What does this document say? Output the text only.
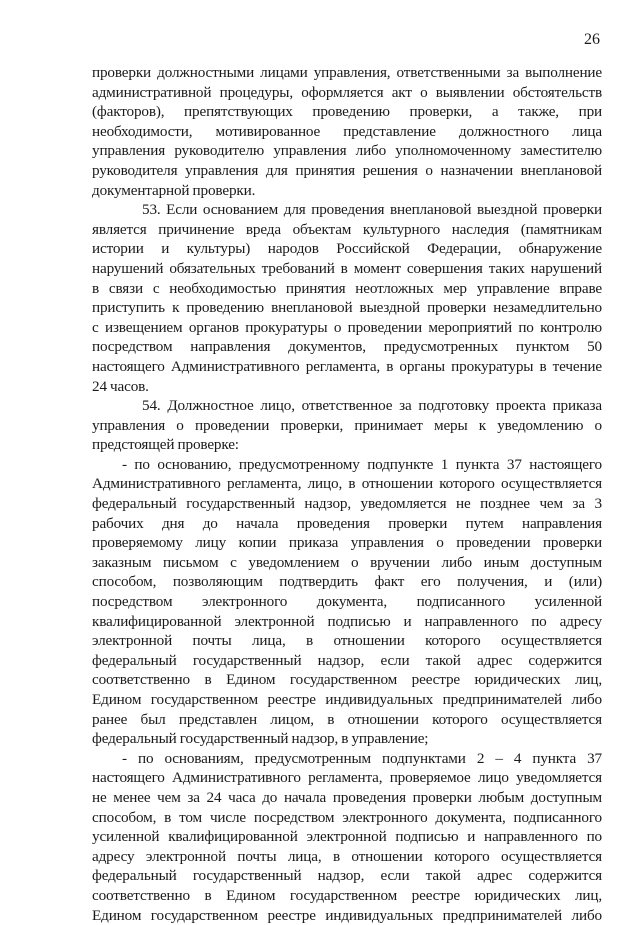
26
проверки должностными лицами управления, ответственными за выполнение
административной процедуры, оформляется акт о выявлении обстоятельств
(факторов), препятствующих проведению проверки, а также, при
необходимости, мотивированное представление должностного лица
управления руководителю управления либо уполномоченному заместителю
руководителя управления для принятия решения о назначении внеплановой
документарной проверки.
53. Если основанием для проведения внеплановой выездной проверки
является причинение вреда объектам культурного наследия (памятникам
истории и культуры) народов Российской Федерации, обнаружение
нарушений обязательных требований в момент совершения таких нарушений
в связи с необходимостью принятия неотложных мер управление вправе
приступить к проведению внеплановой выездной проверки незамедлительно
с извещением органов прокуратуры о проведении мероприятий по контролю
посредством направления документов, предусмотренных пунктом 50
настоящего Административного регламента, в органы прокуратуры в течение
24 часов.
54. Должностное лицо, ответственное за подготовку проекта приказа
управления о проведении проверки, принимает меры к уведомлению о
предстоящей проверке:
- по основанию, предусмотренному подпункте 1 пункта 37 настоящего
Административного регламента, лицо, в отношении которого осуществляется
федеральный государственный надзор, уведомляется не позднее чем за 3
рабочих дня до начала проведения проверки путем направления
проверяемому лицу копии приказа управления о проведении проверки
заказным письмом с уведомлением о вручении либо иным доступным
способом, позволяющим подтвердить факт его получения, и (или)
посредством электронного документа, подписанного усиленной
квалифицированной электронной подписью и направленного по адресу
электронной почты лица, в отношении которого осуществляется
федеральный государственный надзор, если такой адрес содержится
соответственно в Едином государственном реестре юридических лиц,
Едином государственном реестре индивидуальных предпринимателей либо
ранее был представлен лицом, в отношении которого осуществляется
федеральный государственный надзор, в управление;
- по основаниям, предусмотренным подпунктами 2 – 4 пункта 37
настоящего Административного регламента, проверяемое лицо уведомляется
не менее чем за 24 часа до начала проведения проверки любым доступным
способом, в том числе посредством электронного документа, подписанного
усиленной квалифицированной электронной подписью и направленного по
адресу электронной почты лица, в отношении которого осуществляется
федеральный государственный надзор, если такой адрес содержится
соответственно в Едином государственном реестре юридических лиц,
Едином государственном реестре индивидуальных предпринимателей либо
